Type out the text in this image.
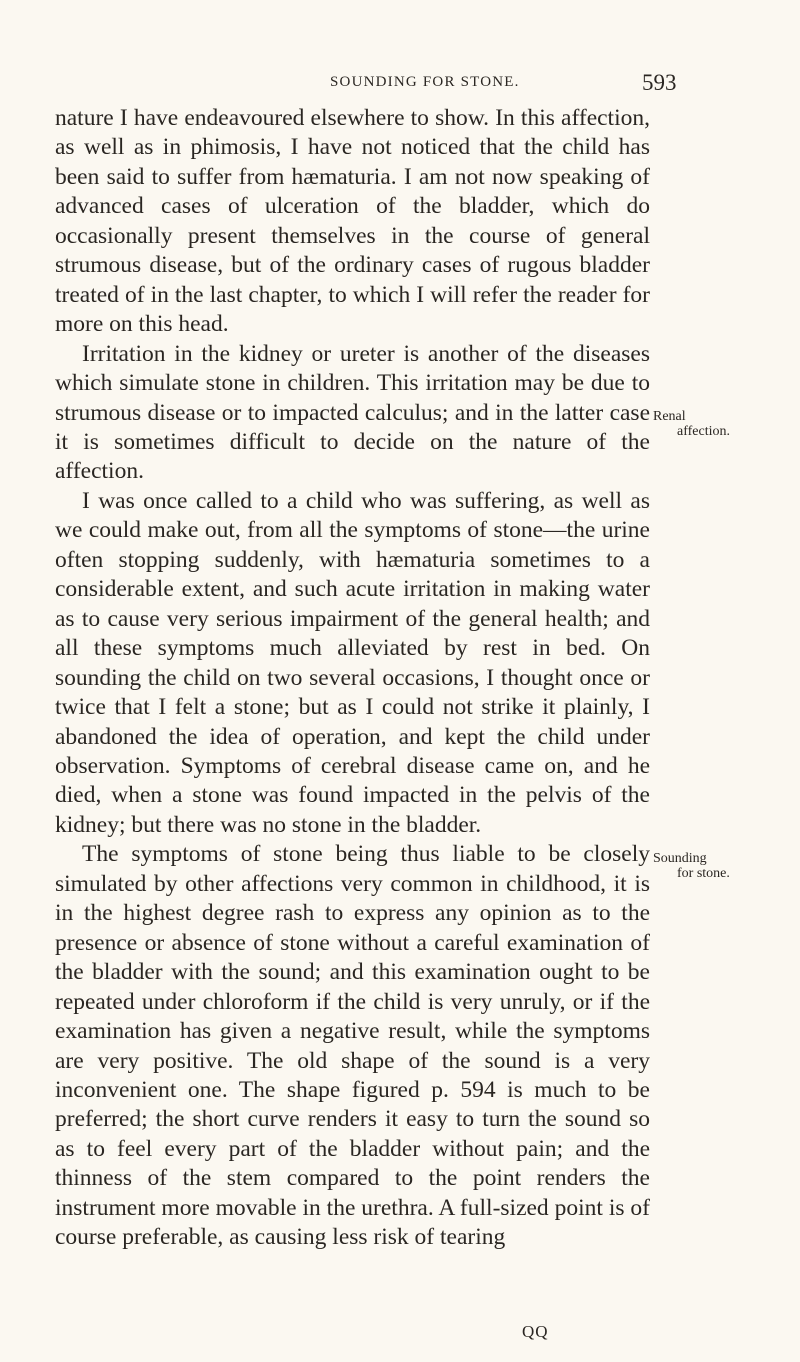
SOUNDING FOR STONE.	593

nature I have endeavoured elsewhere to show. In this affection, as well as in phimosis, I have not noticed that the child has been said to suffer from hæmaturia. I am not now speaking of advanced cases of ulceration of the bladder, which do occasionally present themselves in the course of general strumous disease, but of the ordinary cases of rugous bladder treated of in the last chapter, to which I will refer the reader for more on this head.

Irritation in the kidney or ureter is another of the diseases which simulate stone in children. This irritation may be due to strumous disease or to impacted calculus; and in the latter case it is sometimes difficult to decide on the nature of the affection.

I was once called to a child who was suffering, as well as we could make out, from all the symptoms of stone—the urine often stopping suddenly, with hæmaturia sometimes to a considerable extent, and such acute irritation in making water as to cause very serious impairment of the general health; and all these symptoms much alleviated by rest in bed. On sounding the child on two several occasions, I thought once or twice that I felt a stone; but as I could not strike it plainly, I abandoned the idea of operation, and kept the child under observation. Symptoms of cerebral disease came on, and he died, when a stone was found impacted in the pelvis of the kidney; but there was no stone in the bladder.

The symptoms of stone being thus liable to be closely simulated by other affections very common in childhood, it is in the highest degree rash to express any opinion as to the presence or absence of stone without a careful examination of the bladder with the sound; and this examination ought to be repeated under chloroform if the child is very unruly, or if the examination has given a negative result, while the symptoms are very positive. The old shape of the sound is a very inconvenient one. The shape figured p. 594 is much to be preferred; the short curve renders it easy to turn the sound so as to feel every part of the bladder without pain; and the thinness of the stem compared to the point renders the instrument more movable in the urethra. A full-sized point is of course preferable, as causing less risk of tearing

Renal
affection.
Sounding
for stone.
QQ
